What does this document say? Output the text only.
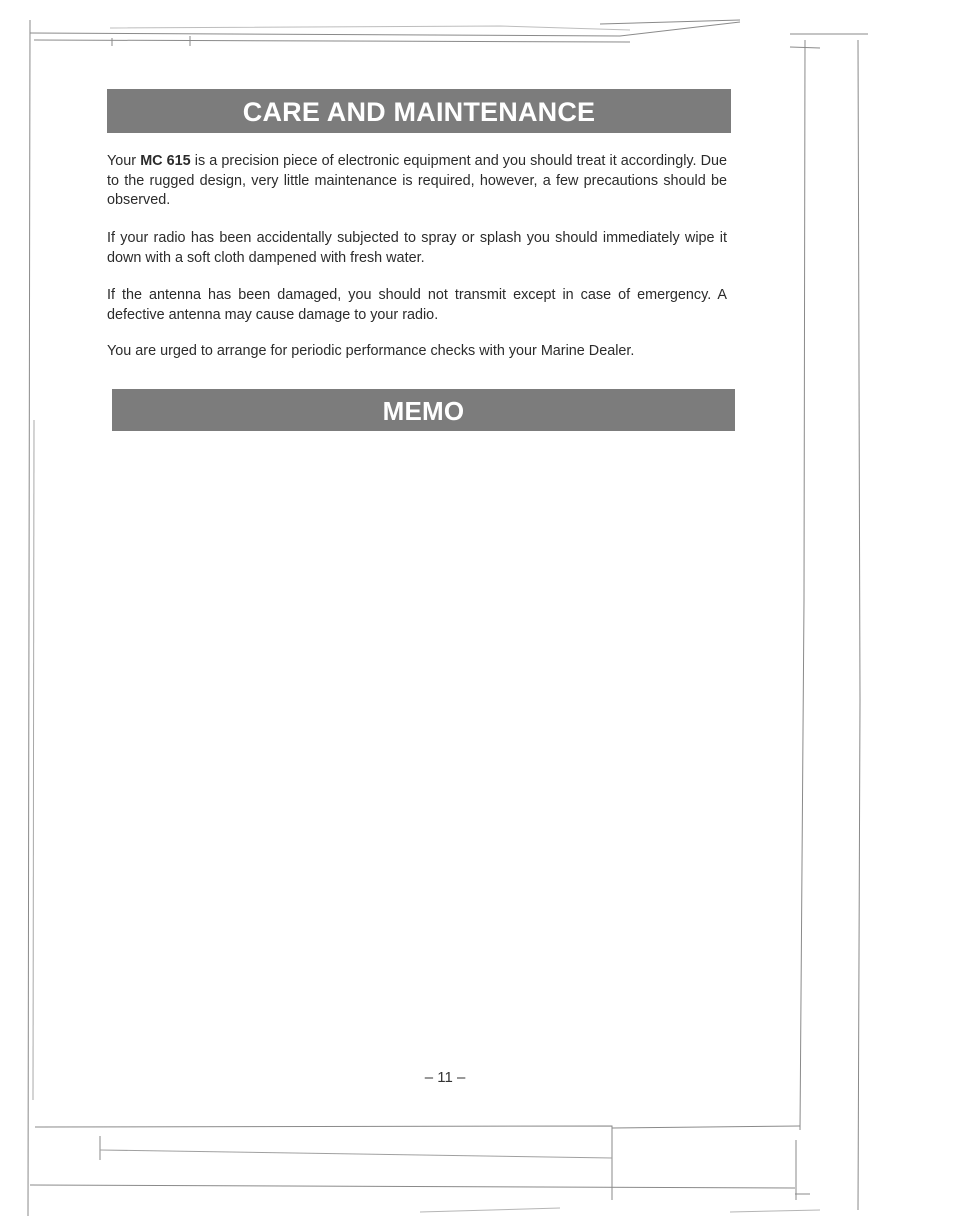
CARE AND MAINTENANCE

Your MC 615 is a precision piece of electronic equipment and you should treat it accordingly. Due to the rugged design, very little maintenance is required, however, a few precautions should be observed.

If your radio has been accidentally subjected to spray or splash you should immediately wipe it down with a soft cloth dampened with fresh water.

If the antenna has been damaged, you should not transmit except in case of emergency. A defective antenna may cause damage to your radio.

You are urged to arrange for periodic performance checks with your Marine Dealer.

MEMO
– 11 –
